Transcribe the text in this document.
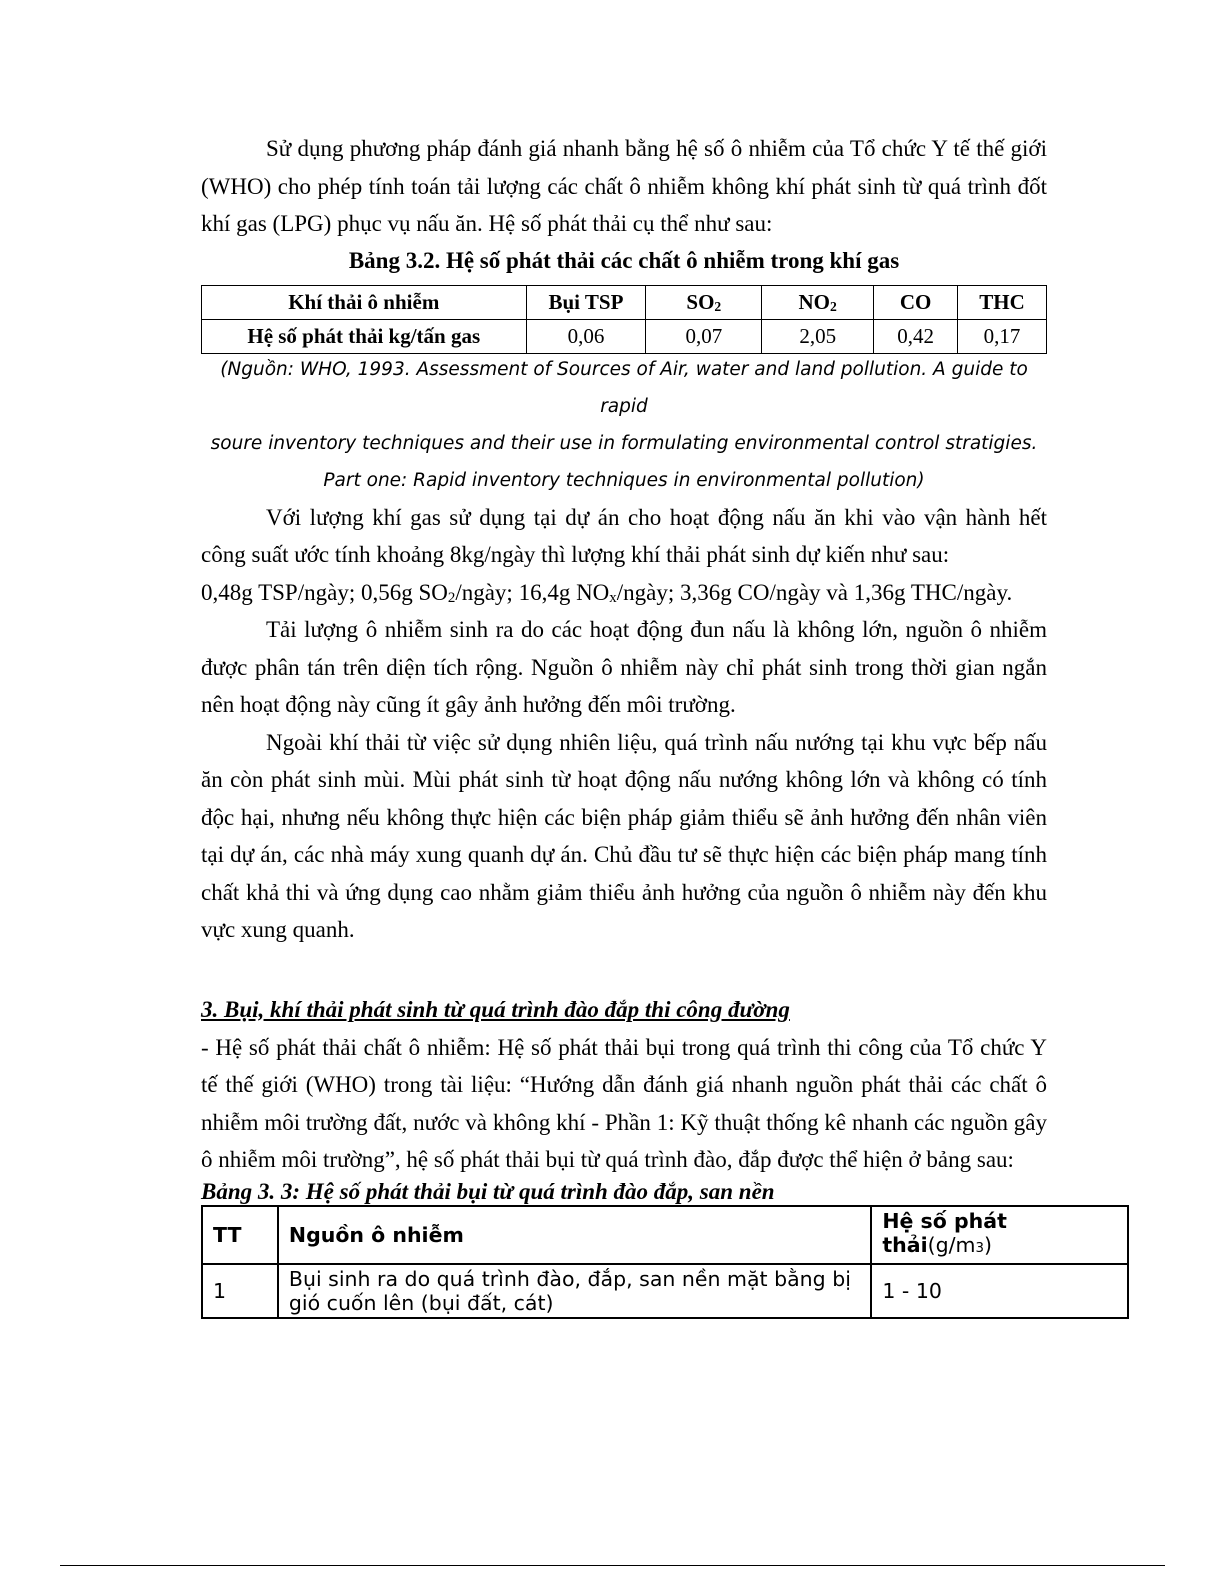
Sử dụng phương pháp đánh giá nhanh bằng hệ số ô nhiễm của Tổ chức Y tế thế giới (WHO) cho phép tính toán tải lượng các chất ô nhiễm không khí phát sinh từ quá trình đốt khí gas (LPG) phục vụ nấu ăn. Hệ số phát thải cụ thể như sau:

Bảng 3.2. Hệ số phát thải các chất ô nhiễm trong khí gas
Khí thải ô nhiễm	Bụi TSP	$SO_2$	$NO_2$	CO	THC
Hệ số phát thải kg/tấn gas	0,06	0,07	2,05	0,42	0,17

(Nguồn: WHO, 1993. Assessment of Sources of Air, water and land pollution. A guide to rapid

soure inventory techniques and their use in formulating environmental control stratigies.

Part one: Rapid inventory techniques in environmental pollution)

Với lượng khí gas sử dụng tại dự án cho hoạt động nấu ăn khi vào vận hành hết công suất ước tính khoảng 8kg/ngày thì lượng khí thải phát sinh dự kiến như sau:

0,48g TSP/ngày; 0,56g $SO_2$/ngày; 16,4g $NO_x$/ngày; 3,36g CO/ngày và 1,36g THC/ngày.

Tải lượng ô nhiễm sinh ra do các hoạt động đun nấu là không lớn, nguồn ô nhiễm được phân tán trên diện tích rộng. Nguồn ô nhiễm này chỉ phát sinh trong thời gian ngắn nên hoạt động này cũng ít gây ảnh hưởng đến môi trường.

Ngoài khí thải từ việc sử dụng nhiên liệu, quá trình nấu nướng tại khu vực bếp nấu ăn còn phát sinh mùi. Mùi phát sinh từ hoạt động nấu nướng không lớn và không có tính độc hại, nhưng nếu không thực hiện các biện pháp giảm thiểu sẽ ảnh hưởng đến nhân viên tại dự án, các nhà máy xung quanh dự án. Chủ đầu tư sẽ thực hiện các biện pháp mang tính chất khả thi và ứng dụng cao nhằm giảm thiểu ảnh hưởng của nguồn ô nhiễm này đến khu vực xung quanh.

3. Bụi, khí thải phát sinh từ quá trình đào đắp thi công đường

- Hệ số phát thải chất ô nhiễm: Hệ số phát thải bụi trong quá trình thi công của Tổ chức Y tế thế giới (WHO) trong tài liệu: “Hướng dẫn đánh giá nhanh nguồn phát thải các chất ô nhiễm môi trường đất, nước và không khí - Phần 1: Kỹ thuật thống kê nhanh các nguồn gây ô nhiễm môi trường”, hệ số phát thải bụi từ quá trình đào, đắp được thể hiện ở bảng sau:

Bảng 3. 3: Hệ số phát thải bụi từ quá trình đào đắp, san nền

TT	Nguồn ô nhiễm	Hệ số phát thải(g/m3)
1	Bụi sinh ra do quá trình đào, đắp, san nền mặt bằng bị gió cuốn lên (bụi đất, cát)	1 - 10
